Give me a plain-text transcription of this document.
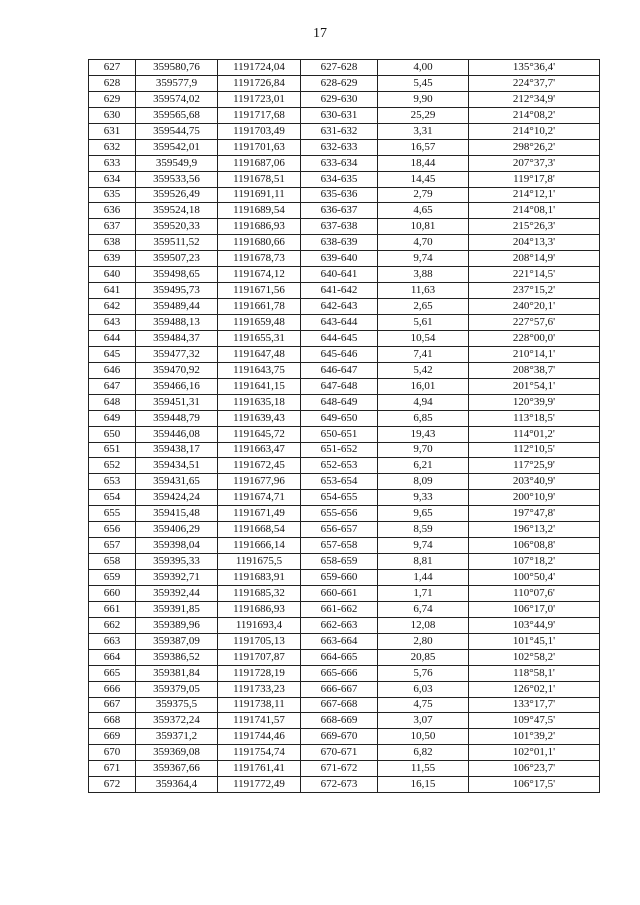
17
627	359580,76	1191724,04	627-628	4,00	135°36,4'
628	359577,9	1191726,84	628-629	5,45	224°37,7'
629	359574,02	1191723,01	629-630	9,90	212°34,9'
630	359565,68	1191717,68	630-631	25,29	214°08,2'
631	359544,75	1191703,49	631-632	3,31	214°10,2'
632	359542,01	1191701,63	632-633	16,57	298°26,2'
633	359549,9	1191687,06	633-634	18,44	207°37,3'
634	359533,56	1191678,51	634-635	14,45	119°17,8'
635	359526,49	1191691,11	635-636	2,79	214°12,1'
636	359524,18	1191689,54	636-637	4,65	214°08,1'
637	359520,33	1191686,93	637-638	10,81	215°26,3'
638	359511,52	1191680,66	638-639	4,70	204°13,3'
639	359507,23	1191678,73	639-640	9,74	208°14,9'
640	359498,65	1191674,12	640-641	3,88	221°14,5'
641	359495,73	1191671,56	641-642	11,63	237°15,2'
642	359489,44	1191661,78	642-643	2,65	240°20,1'
643	359488,13	1191659,48	643-644	5,61	227°57,6'
644	359484,37	1191655,31	644-645	10,54	228°00,0'
645	359477,32	1191647,48	645-646	7,41	210°14,1'
646	359470,92	1191643,75	646-647	5,42	208°38,7'
647	359466,16	1191641,15	647-648	16,01	201°54,1'
648	359451,31	1191635,18	648-649	4,94	120°39,9'
649	359448,79	1191639,43	649-650	6,85	113°18,5'
650	359446,08	1191645,72	650-651	19,43	114°01,2'
651	359438,17	1191663,47	651-652	9,70	112°10,5'
652	359434,51	1191672,45	652-653	6,21	117°25,9'
653	359431,65	1191677,96	653-654	8,09	203°40,9'
654	359424,24	1191674,71	654-655	9,33	200°10,9'
655	359415,48	1191671,49	655-656	9,65	197°47,8'
656	359406,29	1191668,54	656-657	8,59	196°13,2'
657	359398,04	1191666,14	657-658	9,74	106°08,8'
658	359395,33	1191675,5	658-659	8,81	107°18,2'
659	359392,71	1191683,91	659-660	1,44	100°50,4'
660	359392,44	1191685,32	660-661	1,71	110°07,6'
661	359391,85	1191686,93	661-662	6,74	106°17,0'
662	359389,96	1191693,4	662-663	12,08	103°44,9'
663	359387,09	1191705,13	663-664	2,80	101°45,1'
664	359386,52	1191707,87	664-665	20,85	102°58,2'
665	359381,84	1191728,19	665-666	5,76	118°58,1'
666	359379,05	1191733,23	666-667	6,03	126°02,1'
667	359375,5	1191738,11	667-668	4,75	133°17,7'
668	359372,24	1191741,57	668-669	3,07	109°47,5'
669	359371,2	1191744,46	669-670	10,50	101°39,2'
670	359369,08	1191754,74	670-671	6,82	102°01,1'
671	359367,66	1191761,41	671-672	11,55	106°23,7'
672	359364,4	1191772,49	672-673	16,15	106°17,5'
